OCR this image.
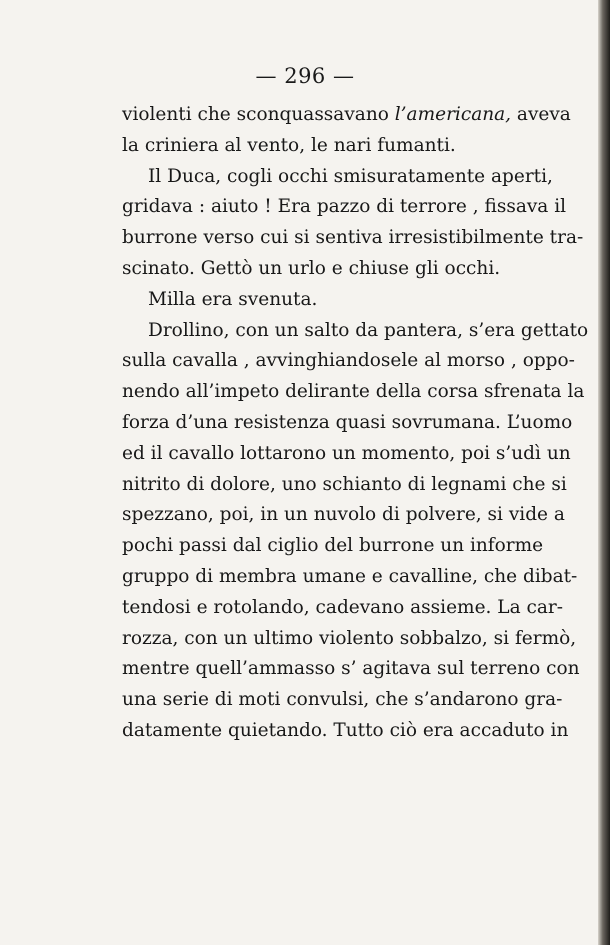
— 296 —
violenti che sconquassavano l’americana, aveva
la criniera al vento, le nari fumanti.
Il Duca, cogli occhi smisuratamente aperti,
gridava : aiuto ! Era pazzo di terrore , fissava il
burrone verso cui si sentiva irresistibilmente tra-
scinato. Gettò un urlo e chiuse gli occhi.
Milla era svenuta.
Drollino, con un salto da pantera, s’era gettato
sulla cavalla , avvinghiandosele al morso , oppo-
nendo all’impeto delirante della corsa sfrenata la
forza d’una resistenza quasi sovrumana. L’uomo
ed il cavallo lottarono un momento, poi s’udì un
nitrito di dolore, uno schianto di legnami che si
spezzano, poi, in un nuvolo di polvere, si vide a
pochi passi dal ciglio del burrone un informe
gruppo di membra umane e cavalline, che dibat-
tendosi e rotolando, cadevano assieme. La car-
rozza, con un ultimo violento sobbalzo, si fermò,
mentre quell’ammasso s’ agitava sul terreno con
una serie di moti convulsi, che s’andarono gra-
datamente quietando. Tutto ciò era accaduto in
